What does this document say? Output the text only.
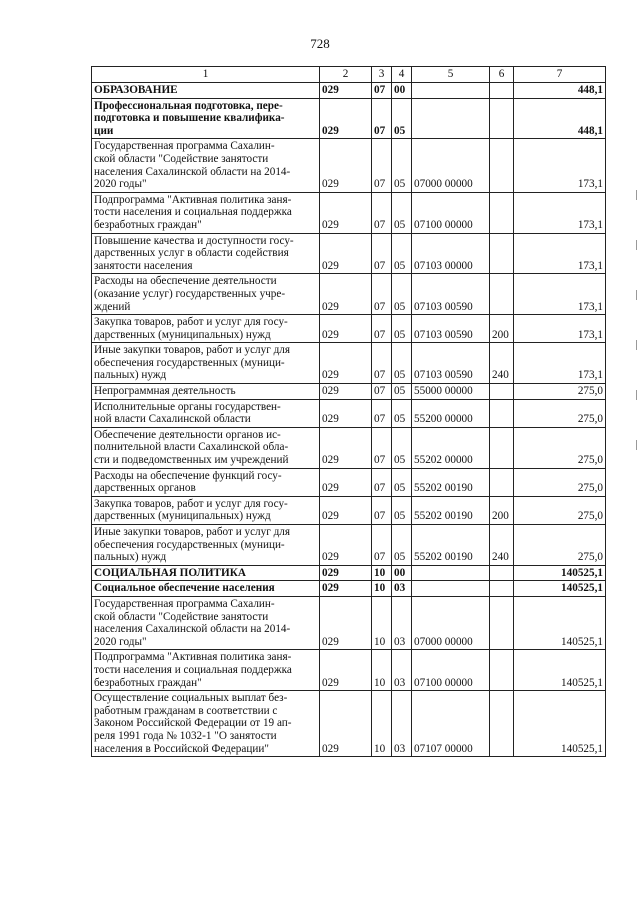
728
1	2	3	4	5	6	7
ОБРАЗОВАНИЕ	029	07	00			448,1
Профессиональная подготовка, пере-
подготовка и повышение квалифика-
ции	029	07	05			448,1
Государственная программа Сахалин-
ской области "Содействие занятости
населения Сахалинской области на 2014-
2020 годы"	029	07	05	07000 00000		173,1
Подпрограмма "Активная политика заня-
тости населения и социальная поддержка
безработных граждан"	029	07	05	07100 00000		173,1
Повышение качества и доступности госу-
дарственных услуг в области содействия
занятости населения	029	07	05	07103 00000		173,1
Расходы на обеспечение деятельности
(оказание услуг) государственных учре-
ждений	029	07	05	07103 00590		173,1
Закупка товаров, работ и услуг для госу-
дарственных (муниципальных) нужд	029	07	05	07103 00590	200	173,1
Иные закупки товаров, работ и услуг для
обеспечения государственных (муници-
пальных) нужд	029	07	05	07103 00590	240	173,1
Непрограммная деятельность	029	07	05	55000 00000		275,0
Исполнительные органы государствен-
ной власти Сахалинской области	029	07	05	55200 00000		275,0
Обеспечение деятельности органов ис-
полнительной власти Сахалинской обла-
сти и подведомственных им учреждений	029	07	05	55202 00000		275,0
Расходы на обеспечение функций госу-
дарственных органов	029	07	05	55202 00190		275,0
Закупка товаров, работ и услуг для госу-
дарственных (муниципальных) нужд	029	07	05	55202 00190	200	275,0
Иные закупки товаров, работ и услуг для
обеспечения государственных (муници-
пальных) нужд	029	07	05	55202 00190	240	275,0
СОЦИАЛЬНАЯ ПОЛИТИКА	029	10	00			140525,1
Социальное обеспечение населения	029	10	03			140525,1
Государственная программа Сахалин-
ской области "Содействие занятости
населения Сахалинской области на 2014-
2020 годы"	029	10	03	07000 00000		140525,1
Подпрограмма "Активная политика заня-
тости населения и социальная поддержка
безработных граждан"	029	10	03	07100 00000		140525,1
Осуществление социальных выплат без-
работным гражданам в соответствии с
Законом Российской Федерации от 19 ап-
реля 1991 года № 1032-1 "О занятости
населения в Российской Федерации"	029	10	03	07107 00000		140525,1
